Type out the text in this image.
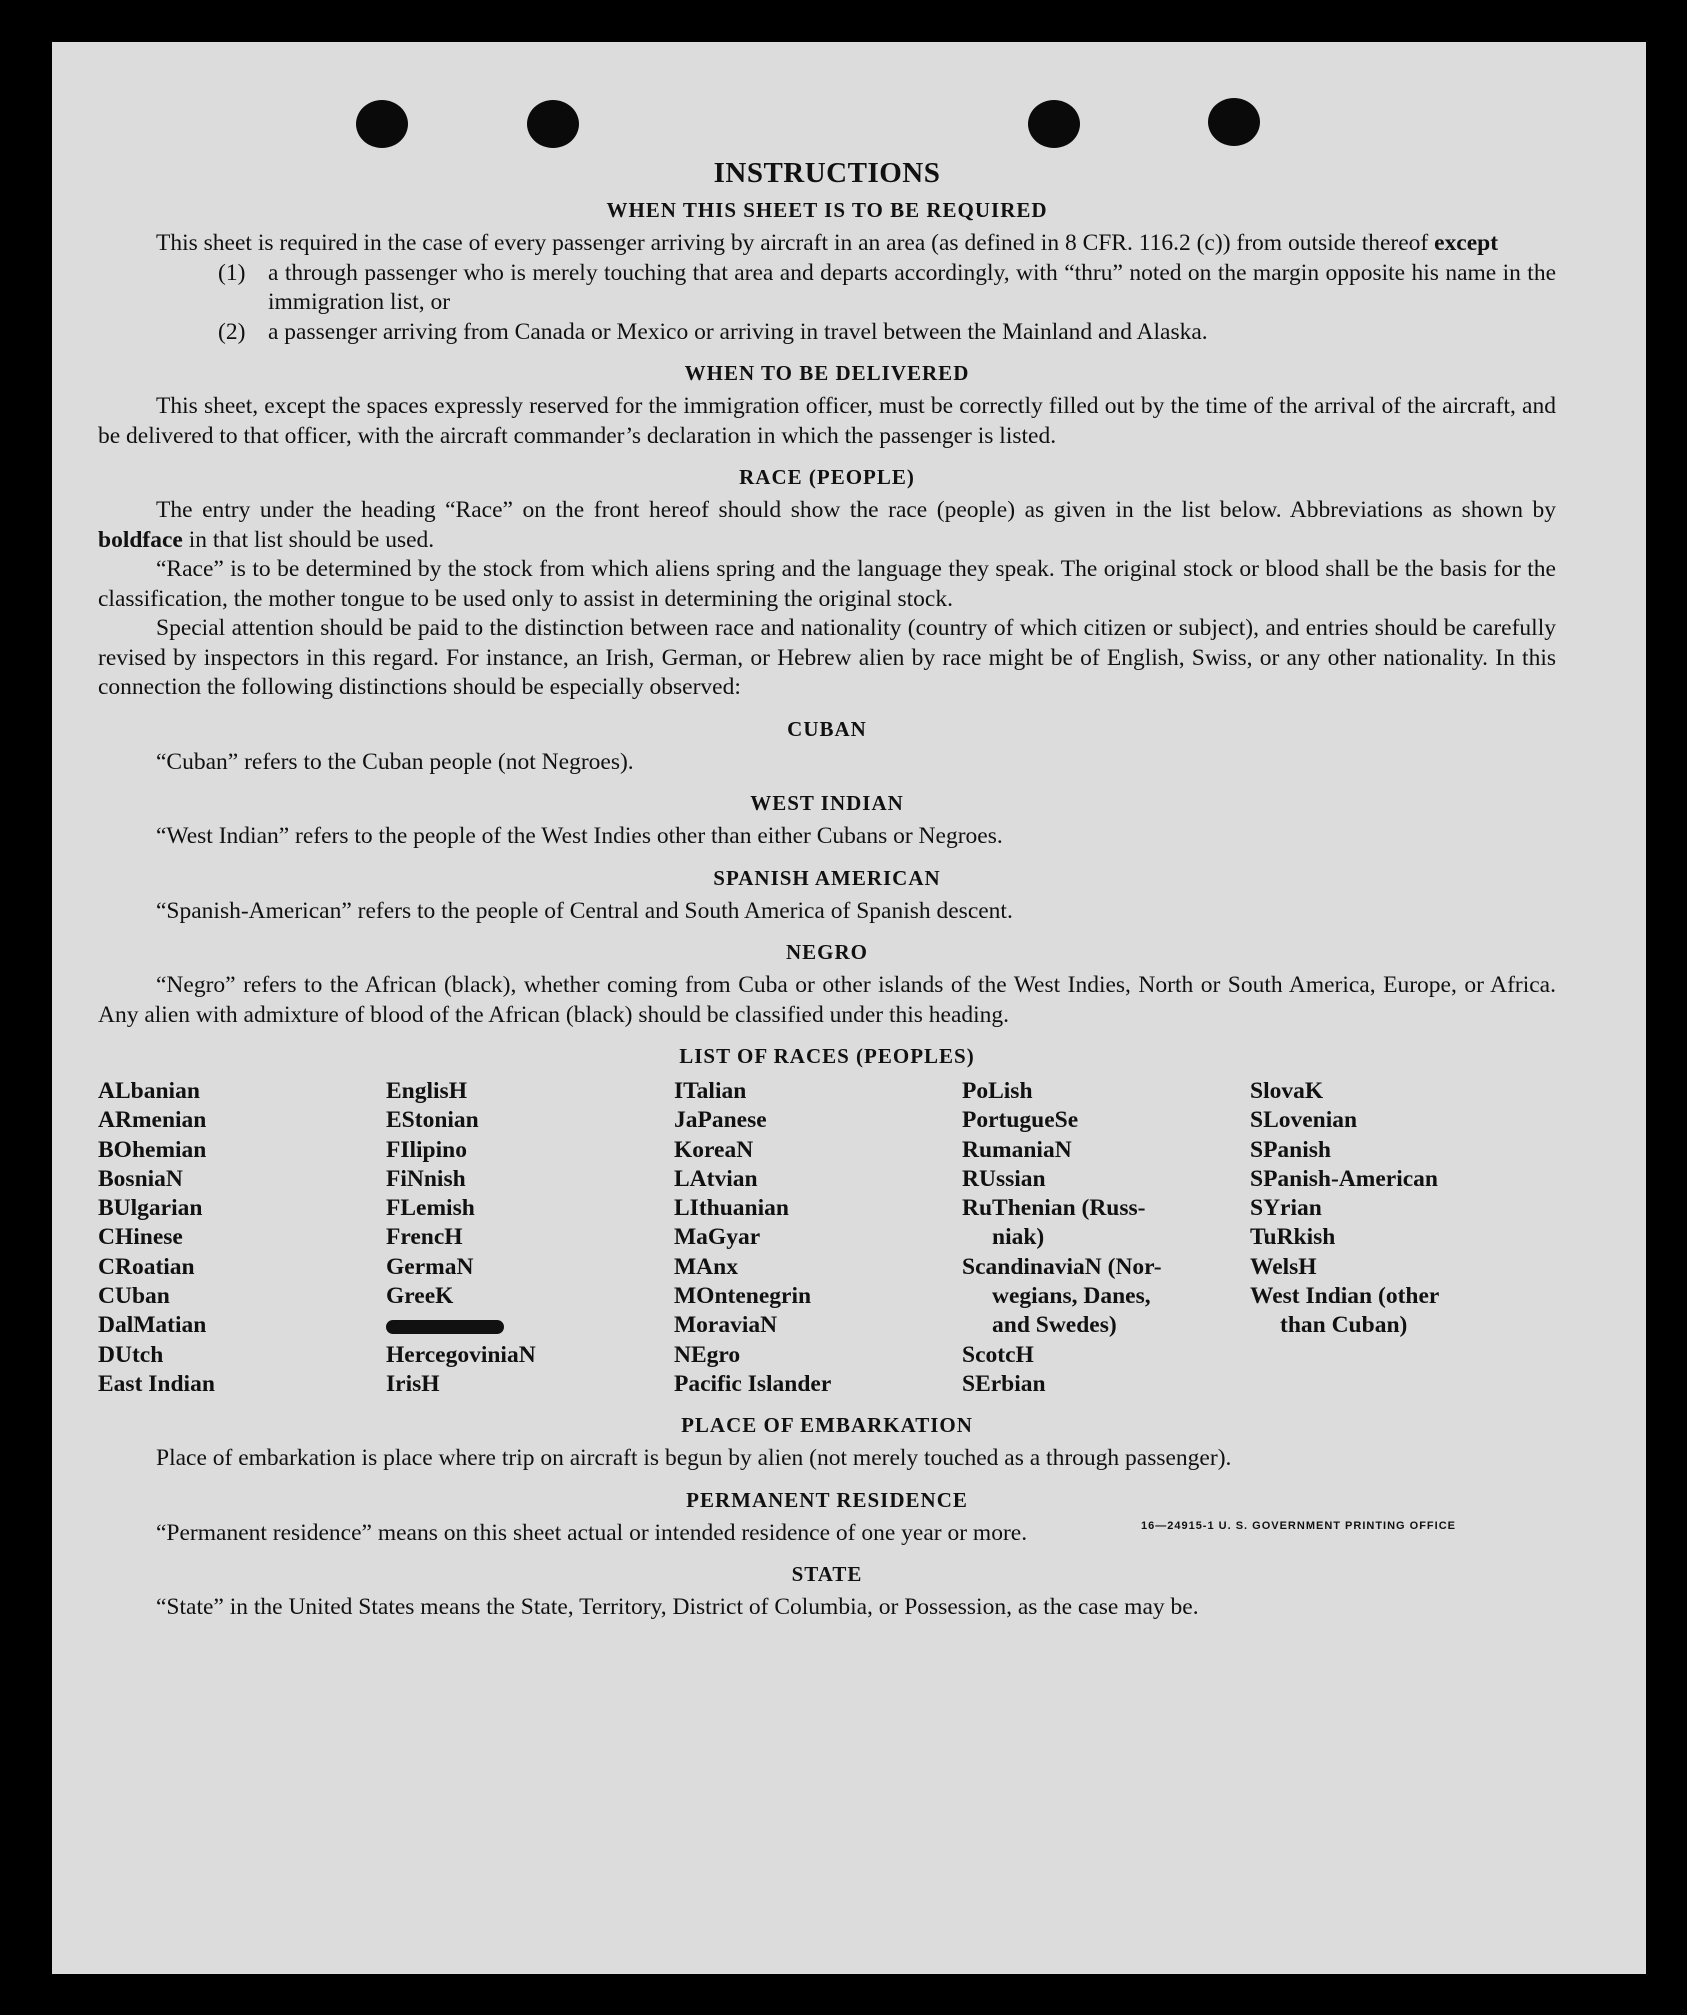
INSTRUCTIONS
WHEN THIS SHEET IS TO BE REQUIRED

This sheet is required in the case of every passenger arriving by aircraft in an area (as defined in 8 CFR. 116.2 (c)) from outside thereof except

(1) a through passenger who is merely touching that area and departs accordingly, with “thru” noted on the margin opposite his name in the immigration list, or
(2) a passenger arriving from Canada or Mexico or arriving in travel between the Mainland and Alaska.
WHEN TO BE DELIVERED

This sheet, except the spaces expressly reserved for the immigration officer, must be correctly filled out by the time of the arrival of the aircraft, and be delivered to that officer, with the aircraft commander’s declaration in which the passenger is listed.

RACE (PEOPLE)

The entry under the heading “Race” on the front hereof should show the race (people) as given in the list below. Abbreviations as shown by boldface in that list should be used.

“Race” is to be determined by the stock from which aliens spring and the language they speak. The original stock or blood shall be the basis for the classification, the mother tongue to be used only to assist in determining the original stock.

Special attention should be paid to the distinction between race and nationality (country of which citizen or subject), and entries should be carefully revised by inspectors in this regard. For instance, an Irish, German, or Hebrew alien by race might be of English, Swiss, or any other nationality. In this connection the following distinctions should be especially observed:

CUBAN

“Cuban” refers to the Cuban people (not Negroes).

WEST INDIAN

“West Indian” refers to the people of the West Indies other than either Cubans or Negroes.

SPANISH AMERICAN

“Spanish-American” refers to the people of Central and South America of Spanish descent.

NEGRO

“Negro” refers to the African (black), whether coming from Cuba or other islands of the West Indies, North or South America, Europe, or Africa. Any alien with admixture of blood of the African (black) should be classified under this heading.

LIST OF RACES (PEOPLES)
ALbanian
ARmenian
BOhemian
BosniaN
BUlgarian
CHinese
CRoatian
CUban
DalMatian
DUtch
East Indian
EnglisH
EStonian
FIlipino
FiNnish
FLemish
FrencH
GermaN
GreeK
HercegoviniaN
IrisH
ITalian
JaPanese
KoreaN
LAtvian
LIthuanian
MaGyar
MAnx
MOntenegrin
MoraviaN
NEgro
Pacific Islander
PoLish
PortugueSe
RumaniaN
RUssian
RuThenian (Russ-
niak)
ScandinaviaN (Nor-
wegians, Danes,
and Swedes)
ScotcH
SErbian
SlovaK
SLovenian
SPanish
SPanish-American
SYrian
TuRkish
WelsH
West Indian (other
than Cuban)
PLACE OF EMBARKATION

Place of embarkation is place where trip on aircraft is begun by alien (not merely touched as a through passenger).

PERMANENT RESIDENCE

“Permanent residence” means on this sheet actual or intended residence of one year or more.

STATE

“State” in the United States means the State, Territory, District of Columbia, or Possession, as the case may be.

16—24915-1 U. S. GOVERNMENT PRINTING OFFICE
